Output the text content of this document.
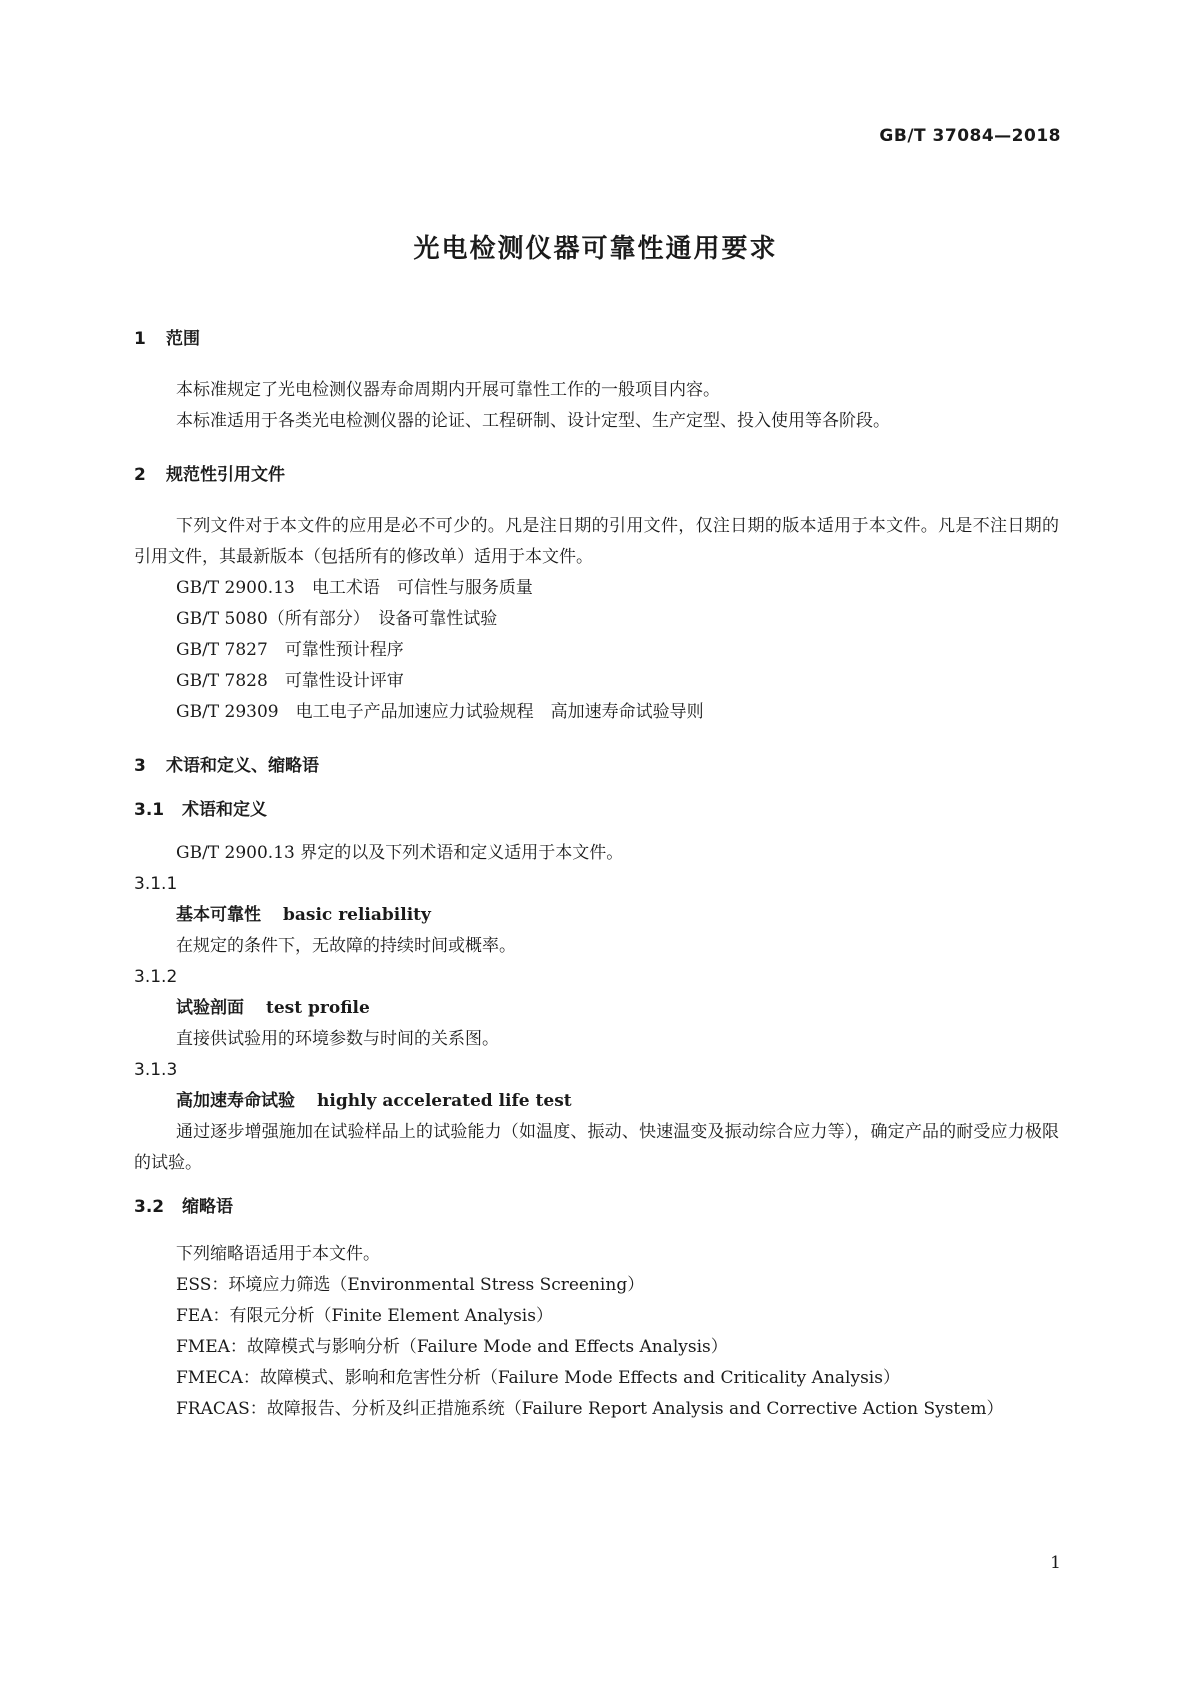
GB/T 37084—2018
光电检测仪器可靠性通用要求
1 范围

本标准规定了光电检测仪器寿命周期内开展可靠性工作的一般项目内容。

本标准适用于各类光电检测仪器的论证、工程研制、设计定型、生产定型、投入使用等各阶段。

2 规范性引用文件

下列文件对于本文件的应用是必不可少的。凡是注日期的引用文件，仅注日期的版本适用于本文件。凡是不注日期的引用文件，其最新版本（包括所有的修改单）适用于本文件。

GB/T 2900.13　 电工术语　可信性与服务质量
GB/T 5080（所有部分）　 设备可靠性试验
GB/T 7827　 可靠性预计程序
GB/T 7828　 可靠性设计评审
GB/T 29309　 电工电子产品加速应力试验规程　高加速寿命试验导则
3 术语和定义、缩略语
3.1 术语和定义

GB/T 2900.13 界定的以及下列术语和定义适用于本文件。

3.1.1
基本可靠性 basic reliability

在规定的条件下，无故障的持续时间或概率。

3.1.2
试验剖面 test profile

直接供试验用的环境参数与时间的关系图。

3.1.3
高加速寿命试验 highly accelerated life test

通过逐步增强施加在试验样品上的试验能力（如温度、振动、快速温变及振动综合应力等），确定产品的耐受应力极限的试验。

3.2 缩略语

下列缩略语适用于本文件。

ESS：环境应力筛选（Environmental Stress Screening）

FEA：有限元分析（Finite Element Analysis）

FMEA：故障模式与影响分析（Failure Mode and Effects Analysis）

FMECA：故障模式、影响和危害性分析（Failure Mode Effects and Criticality Analysis）

FRACAS：故障报告、分析及纠正措施系统（Failure Report Analysis and Corrective Action System）

1
